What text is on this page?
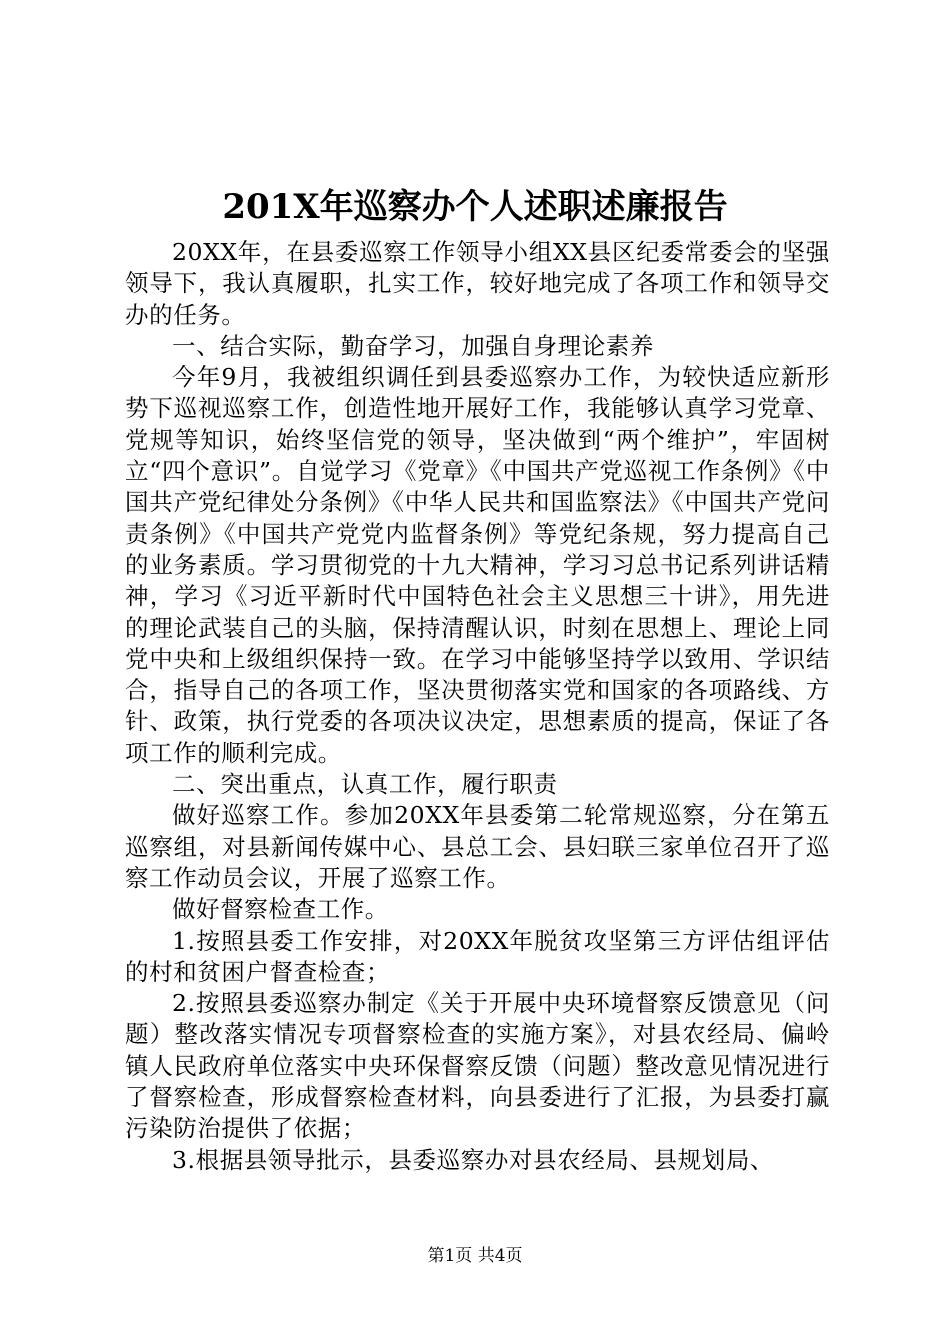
201X年巡察办个人述职述廉报告

20XX年，在县委巡察工作领导小组XX县区纪委常委会的坚强领导下，我认真履职，扎实工作，较好地完成了各项工作和领导交办的任务。

一、结合实际，勤奋学习，加强自身理论素养

今年9月，我被组织调任到县委巡察办工作，为较快适应新形势下巡视巡察工作，创造性地开展好工作，我能够认真学习党章、党规等知识，始终坚信党的领导，坚决做到“两个维护”，牢固树立“四个意识”。自觉学习《党章》《中国共产党巡视工作条例》《中国共产党纪律处分条例》《中华人民共和国监察法》《中国共产党问责条例》《中国共产党党内监督条例》等党纪条规，努力提高自己的业务素质。学习贯彻党的十九大精神，学习习总书记系列讲话精神，学习《习近平新时代中国特色社会主义思想三十讲》，用先进的理论武装自己的头脑，保持清醒认识，时刻在思想上、理论上同党中央和上级组织保持一致。在学习中能够坚持学以致用、学识结合，指导自己的各项工作，坚决贯彻落实党和国家的各项路线、方针、政策，执行党委的各项决议决定，思想素质的提高，保证了各项工作的顺利完成。

二、突出重点，认真工作，履行职责

做好巡察工作。参加20XX年县委第二轮常规巡察，分在第五巡察组，对县新闻传媒中心、县总工会、县妇联三家单位召开了巡察工作动员会议，开展了巡察工作。

做好督察检查工作。

1.按照县委工作安排，对20XX年脱贫攻坚第三方评估组评估的村和贫困户督查检查；

2.按照县委巡察办制定《关于开展中央环境督察反馈意见（问题）整改落实情况专项督察检查的实施方案》，对县农经局、偏岭镇人民政府单位落实中央环保督察反馈（问题）整改意见情况进行了督察检查，形成督察检查材料，向县委进行了汇报，为县委打赢污染防治提供了依据；

3.根据县领导批示，县委巡察办对县农经局、县规划局、

第1页 共4页
